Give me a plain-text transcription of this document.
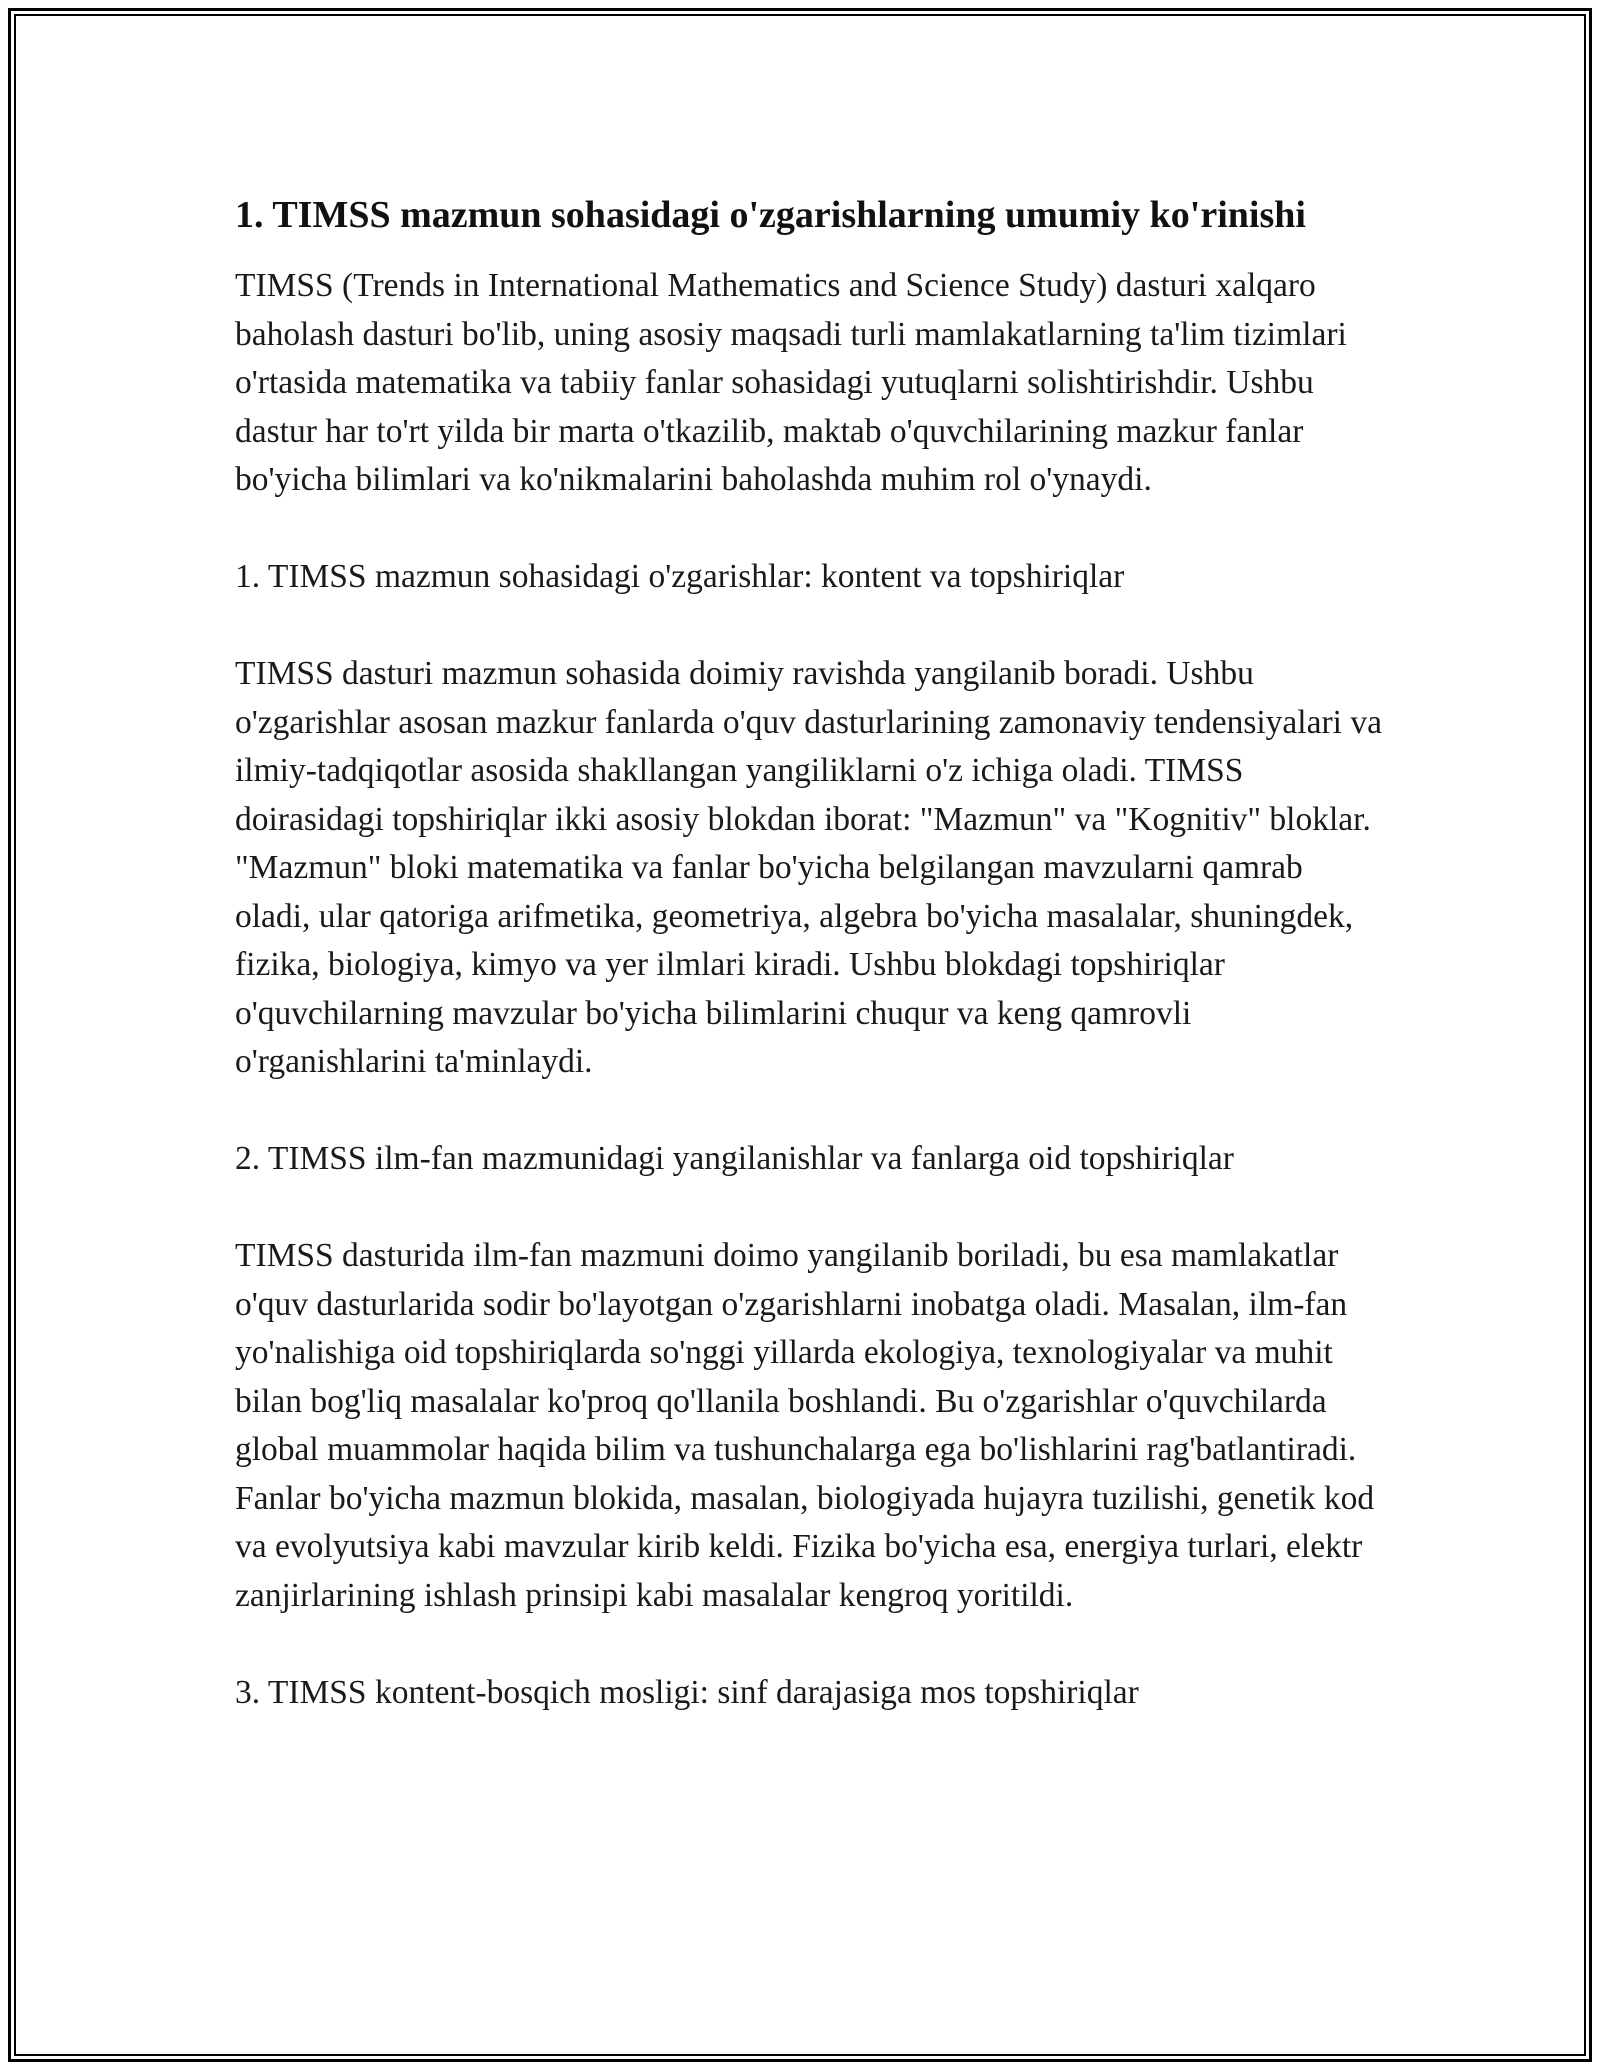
1. TIMSS mazmun sohasidagi o'zgarishlarning umumiy ko'rinishi

TIMSS (Trends in International Mathematics and Science Study) dasturi xalqaro baholash dasturi bo'lib, uning asosiy maqsadi turli mamlakatlarning ta'lim tizimlari o'rtasida matematika va tabiiy fanlar sohasidagi yutuqlarni solishtirishdir. Ushbu dastur har to'rt yilda bir marta o'tkazilib, maktab o'quvchilarining mazkur fanlar bo'yicha bilimlari va ko'nikmalarini baholashda muhim rol o'ynaydi.

1. TIMSS mazmun sohasidagi o'zgarishlar: kontent va topshiriqlar

TIMSS dasturi mazmun sohasida doimiy ravishda yangilanib boradi. Ushbu o'zgarishlar asosan mazkur fanlarda o'quv dasturlarining zamonaviy tendensiyalari va ilmiy-tadqiqotlar asosida shakllangan yangiliklarni o'z ichiga oladi. TIMSS doirasidagi topshiriqlar ikki asosiy blokdan iborat: "Mazmun" va "Kognitiv" bloklar. "Mazmun" bloki matematika va fanlar bo'yicha belgilangan mavzularni qamrab oladi, ular qatoriga arifmetika, geometriya, algebra bo'yicha masalalar, shuningdek, fizika, biologiya, kimyo va yer ilmlari kiradi. Ushbu blokdagi topshiriqlar o'quvchilarning mavzular bo'yicha bilimlarini chuqur va keng qamrovli o'rganishlarini ta'minlaydi.

2. TIMSS ilm-fan mazmunidagi yangilanishlar va fanlarga oid topshiriqlar

TIMSS dasturida ilm-fan mazmuni doimo yangilanib boriladi, bu esa mamlakatlar o'quv dasturlarida sodir bo'layotgan o'zgarishlarni inobatga oladi. Masalan, ilm-fan yo'nalishiga oid topshiriqlarda so'nggi yillarda ekologiya, texnologiyalar va muhit bilan bog'liq masalalar ko'proq qo'llanila boshlandi. Bu o'zgarishlar o'quvchilarda global muammolar haqida bilim va tushunchalarga ega bo'lishlarini rag'batlantiradi. Fanlar bo'yicha mazmun blokida, masalan, biologiyada hujayra tuzilishi, genetik kod va evolyutsiya kabi mavzular kirib keldi. Fizika bo'yicha esa, energiya turlari, elektr zanjirlarining ishlash prinsipi kabi masalalar kengroq yoritildi.

3. TIMSS kontent-bosqich mosligi: sinf darajasiga mos topshiriqlar
